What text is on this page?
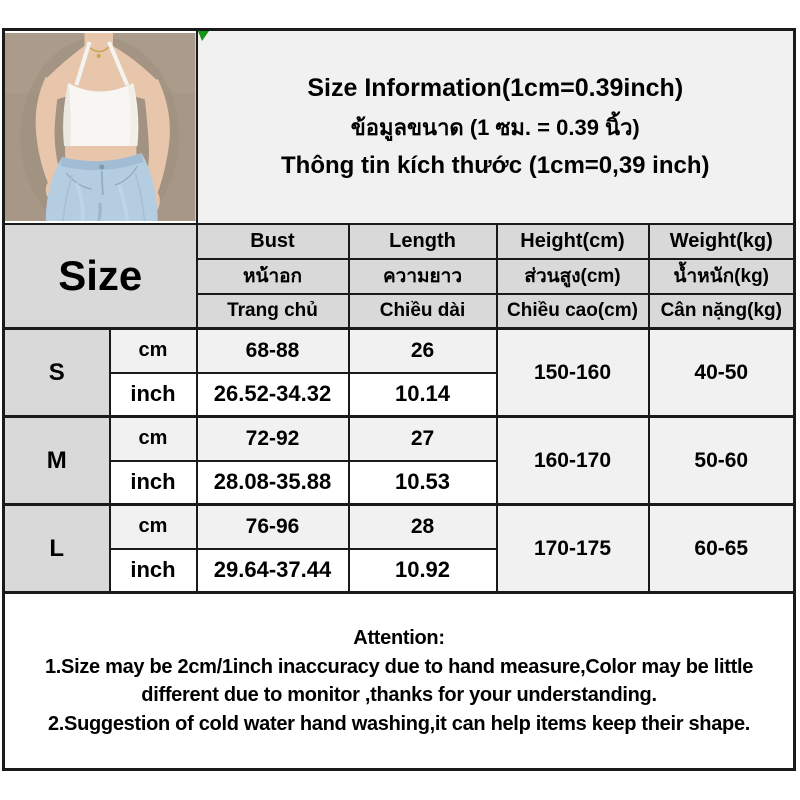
Size Information(1cm=0.39inch)
ข้อมูลขนาด (1 ซม. = 0.39 นิ้ว)
Thông tin kích thước (1cm=0,39 inch)			

Size		Bust	Length	Height(cm)	Weight(kg)
		หน้าอก	ความยาว	ส่วนสูง(cm)	น้ำหนัก(kg)
		Trang chủ	Chiều dài	Chiều cao(cm)	Cân nặng(kg)
S	cm	68-88	26	150-160	40-50
	inch	26.52-34.32	10.14		
M	cm	72-92	27	160-170	50-60
	inch	28.08-35.88	10.53		
L	cm	76-96	28	170-175	60-65
	inch	29.64-37.44	10.92		

Attention:

1.Size may be 2cm/1inch inaccuracy due to hand measure,Color may be little different due to monitor ,thanks for your understanding.

2.Suggestion of cold water hand washing,it can help items keep their shape.					
